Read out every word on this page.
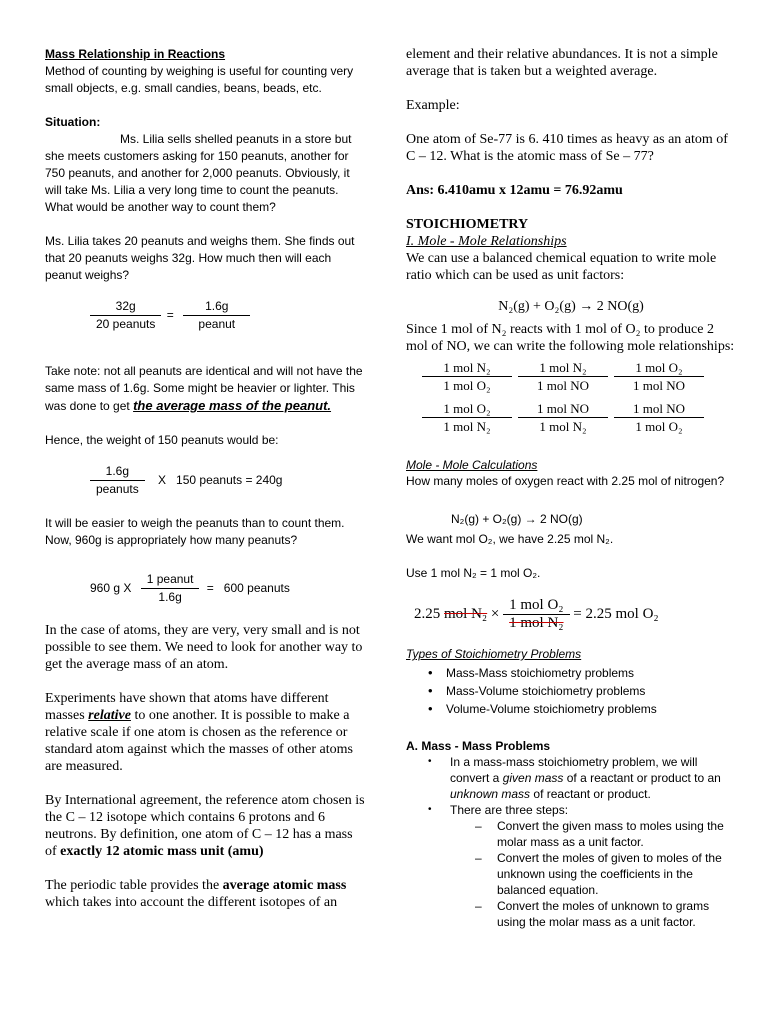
Mass Relationship in Reactions

Method of counting by weighing is useful for counting very small objects, e.g. small candies, beans, beads, etc.

Situation:

Ms. Lilia sells shelled peanuts in a store but she meets customers asking for 150 peanuts, another for 750 peanuts, and another for 2,000 peanuts. Obviously, it will take Ms. Lilia a very long time to count the peanuts. What would be another way to count them?

Ms. Lilia takes 20 peanuts and weighs them. She finds out that 20 peanuts weighs 32g. How much then will each peanut weighs?

$\frac{32g}{\text{20 peanuts}} = \frac{1.6g}{\text{peanut}}$

Take note: not all peanuts are identical and will not have the same mass of 1.6g. Some might be heavier or lighter. This was done to get the average mass of the peanut.

Hence, the weight of 150 peanuts would be:

$\frac{1.6g}{\text{peanuts}}$ X   150 peanuts = 240g

It will be easier to weigh the peanuts than to count them. Now, 960g is appropriately how many peanuts?

960 g X $\frac{\text{1 peanut}}{1.6g} = 600$ peanuts

In the case of atoms, they are very, very small and is not possible to see them. We need to look for another way to get the average mass of an atom.

Experiments have shown that atoms have different masses relative to one another. It is possible to make a relative scale if one atom is chosen as the reference or standard atom against which the masses of other atoms are measured.

By International agreement, the reference atom chosen is the C – 12 isotope which contains 6 protons and 6 neutrons. By definition, one atom of C – 12 has a mass of exactly 12 atomic mass unit (amu)

The periodic table provides the average atomic mass which takes into account the different isotopes of an

element and their relative abundances. It is not a simple average that is taken but a weighted average.

Example:

One atom of Se-77 is 6. 410 times as heavy as an atom of C – 12. What is the atomic mass of Se – 77?

Ans: 6.410amu x 12amu = 76.92amu

STOICHIOMETRY

I. Mole - Mole Relationships

We can use a balanced chemical equation to write mole ratio which can be used as unit factors:

N₂(g) + O₂(g) → 2 NO(g)

Since 1 mol of N₂ reacts with 1 mol of O₂ to produce 2 mol of NO, we can write the following mole relationships:

$\frac{\text{1 mol N₂}}{\text{1 mol O₂}} \frac{\text{1 mol N₂}}{\text{1 mol NO}} \frac{\text{1 mol O₂}}{\text{1 mol NO}}$
$\frac{\text{1 mol O₂}}{\text{1 mol N₂}} \frac{\text{1 mol NO}}{\text{1 mol N₂}} \frac{\text{1 mol NO}}{\text{1 mol O₂}}$

Mole - Mole Calculations

How many moles of oxygen react with 2.25 mol of nitrogen?

N₂(g) + O₂(g) → 2 NO(g)

We want mol O₂, we have 2.25 mol N₂.

Use 1 mol N₂ = 1 mol O₂.

2.25 mol $N_2 \times \frac{\text{1 mol O₂}}{\text{1 mol N₂}} = 2.25$ mol O₂

Types of Stoichiometry Problems

• Mass-Mass stoichiometry problems
• Mass-Volume stoichiometry problems
• Volume-Volume stoichiometry problems

A. Mass - Mass Problems

• In a mass-mass stoichiometry problem, we will convert a given mass of a reactant or product to an unknown mass of reactant or product.
• There are three steps:
– Convert the given mass to moles using the molar mass as a unit factor.
– Convert the moles of given to moles of the unknown using the coefficients in the balanced equation.
– Convert the moles of unknown to grams using the molar mass as a unit factor.
